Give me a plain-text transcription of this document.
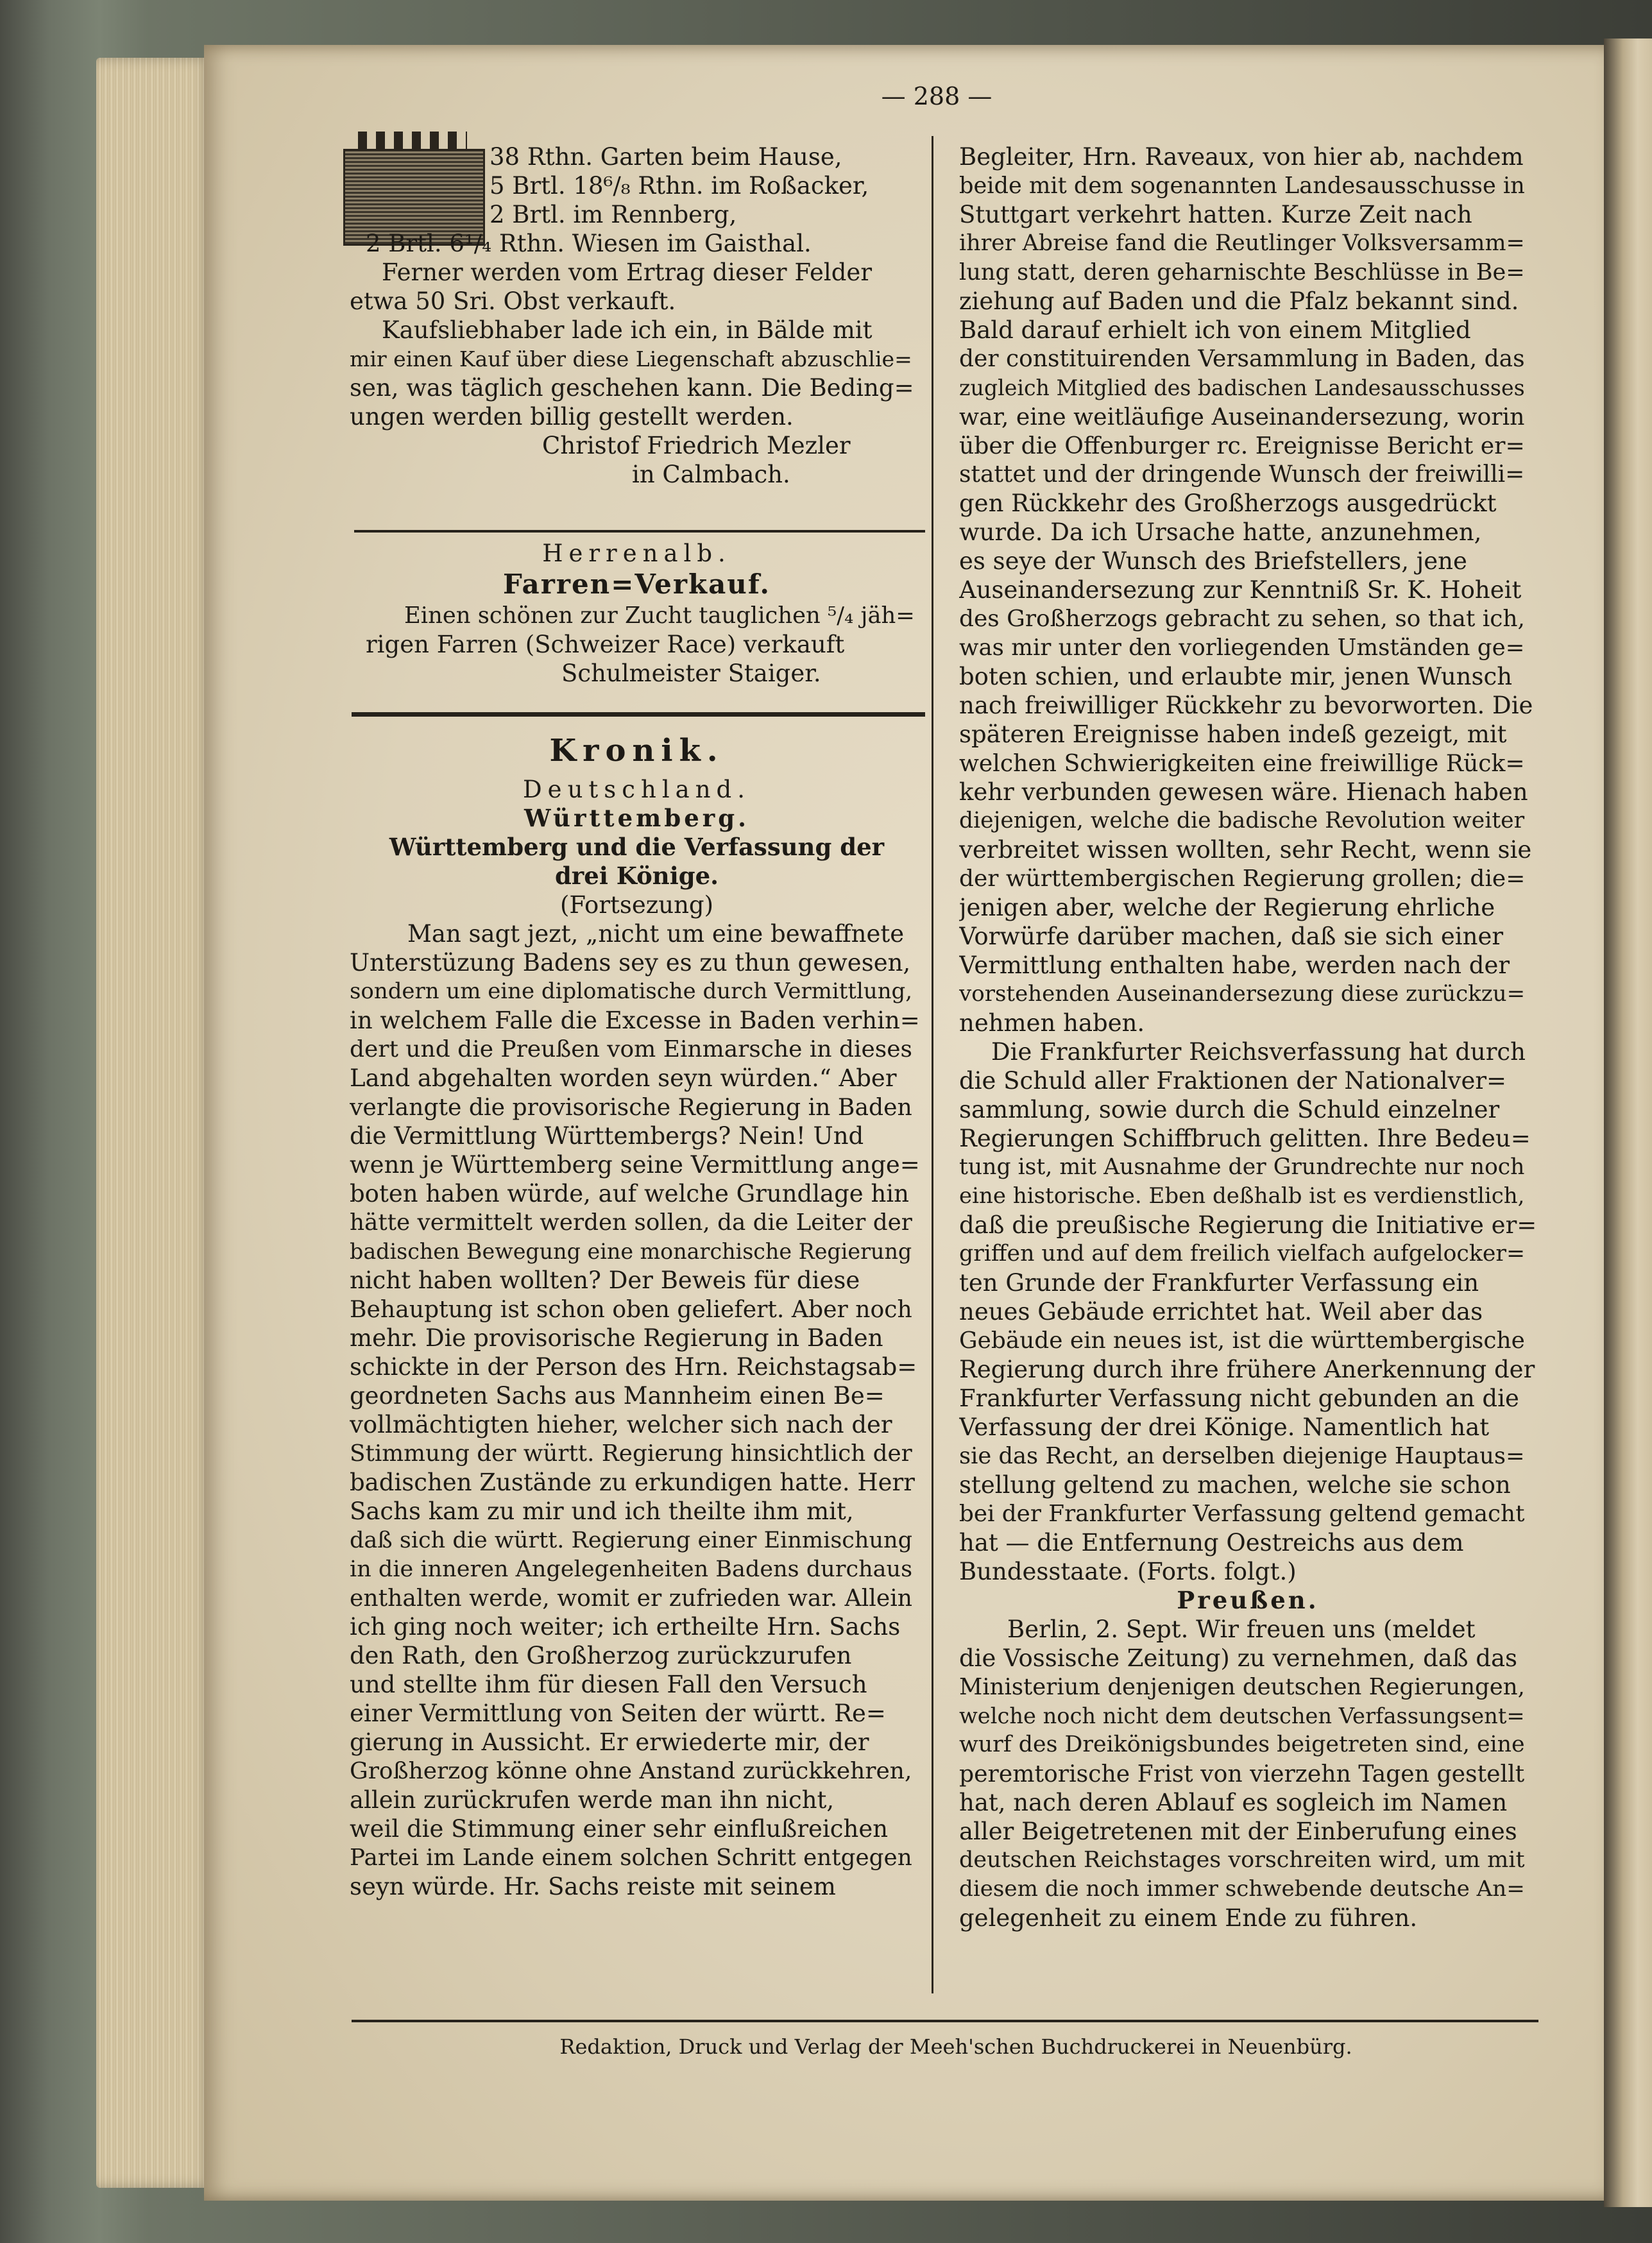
— 288 —
38 Rthn. Garten beim Hause,
5 Brtl. 18⁶/₈ Rthn. im Roßacker,
2 Brtl. im Rennberg,
2 Brtl. 6¹/₄ Rthn. Wiesen im Gaisthal.
Ferner werden vom Ertrag dieser Felder
etwa 50 Sri. Obst verkauft.
Kaufsliebhaber lade ich ein, in Bälde mit
mir einen Kauf über diese Liegenschaft abzuschlie=
sen, was täglich geschehen kann. Die Beding=
ungen werden billig gestellt werden.
Christof Friedrich Mezler
in Calmbach.
Herrenalb.
Farren=Verkauf.
Einen schönen zur Zucht tauglichen ⁵/₄ jäh=
rigen Farren (Schweizer Race) verkauft
Schulmeister Staiger.
Kronik.
Deutschland.
Württemberg.
Württemberg und die Verfassung der
drei Könige.
(Fortsezung)
Man sagt jezt, „nicht um eine bewaffnete
Unterstüzung Badens sey es zu thun gewesen,
sondern um eine diplomatische durch Vermittlung,
in welchem Falle die Excesse in Baden verhin=
dert und die Preußen vom Einmarsche in dieses
Land abgehalten worden seyn würden.“ Aber
verlangte die provisorische Regierung in Baden
die Vermittlung Württembergs? Nein! Und
wenn je Württemberg seine Vermittlung ange=
boten haben würde, auf welche Grundlage hin
hätte vermittelt werden sollen, da die Leiter der
badischen Bewegung eine monarchische Regierung
nicht haben wollten? Der Beweis für diese
Behauptung ist schon oben geliefert. Aber noch
mehr. Die provisorische Regierung in Baden
schickte in der Person des Hrn. Reichstagsab=
geordneten Sachs aus Mannheim einen Be=
vollmächtigten hieher, welcher sich nach der
Stimmung der württ. Regierung hinsichtlich der
badischen Zustände zu erkundigen hatte. Herr
Sachs kam zu mir und ich theilte ihm mit,
daß sich die württ. Regierung einer Einmischung
in die inneren Angelegenheiten Badens durchaus
enthalten werde, womit er zufrieden war. Allein
ich ging noch weiter; ich ertheilte Hrn. Sachs
den Rath, den Großherzog zurückzurufen
und stellte ihm für diesen Fall den Versuch
einer Vermittlung von Seiten der württ. Re=
gierung in Aussicht. Er erwiederte mir, der
Großherzog könne ohne Anstand zurückkehren,
allein zurückrufen werde man ihn nicht,
weil die Stimmung einer sehr einflußreichen
Partei im Lande einem solchen Schritt entgegen
seyn würde. Hr. Sachs reiste mit seinem
Begleiter, Hrn. Raveaux, von hier ab, nachdem
beide mit dem sogenannten Landesausschusse in
Stuttgart verkehrt hatten. Kurze Zeit nach
ihrer Abreise fand die Reutlinger Volksversamm=
lung statt, deren geharnischte Beschlüsse in Be=
ziehung auf Baden und die Pfalz bekannt sind.
Bald darauf erhielt ich von einem Mitglied
der constituirenden Versammlung in Baden, das
zugleich Mitglied des badischen Landesausschusses
war, eine weitläufige Auseinandersezung, worin
über die Offenburger rc. Ereignisse Bericht er=
stattet und der dringende Wunsch der freiwilli=
gen Rückkehr des Großherzogs ausgedrückt
wurde. Da ich Ursache hatte, anzunehmen,
es seye der Wunsch des Briefstellers, jene
Auseinandersezung zur Kenntniß Sr. K. Hoheit
des Großherzogs gebracht zu sehen, so that ich,
was mir unter den vorliegenden Umständen ge=
boten schien, und erlaubte mir, jenen Wunsch
nach freiwilliger Rückkehr zu bevorworten. Die
späteren Ereignisse haben indeß gezeigt, mit
welchen Schwierigkeiten eine freiwillige Rück=
kehr verbunden gewesen wäre. Hienach haben
diejenigen, welche die badische Revolution weiter
verbreitet wissen wollten, sehr Recht, wenn sie
der württembergischen Regierung grollen; die=
jenigen aber, welche der Regierung ehrliche
Vorwürfe darüber machen, daß sie sich einer
Vermittlung enthalten habe, werden nach der
vorstehenden Auseinandersezung diese zurückzu=
nehmen haben.
Die Frankfurter Reichsverfassung hat durch
die Schuld aller Fraktionen der Nationalver=
sammlung, sowie durch die Schuld einzelner
Regierungen Schiffbruch gelitten. Ihre Bedeu=
tung ist, mit Ausnahme der Grundrechte nur noch
eine historische. Eben deßhalb ist es verdienstlich,
daß die preußische Regierung die Initiative er=
griffen und auf dem freilich vielfach aufgelocker=
ten Grunde der Frankfurter Verfassung ein
neues Gebäude errichtet hat. Weil aber das
Gebäude ein neues ist, ist die württembergische
Regierung durch ihre frühere Anerkennung der
Frankfurter Verfassung nicht gebunden an die
Verfassung der drei Könige. Namentlich hat
sie das Recht, an derselben diejenige Hauptaus=
stellung geltend zu machen, welche sie schon
bei der Frankfurter Verfassung geltend gemacht
hat — die Entfernung Oestreichs aus dem
Bundesstaate. (Forts. folgt.)
Preußen.
Berlin, 2. Sept. Wir freuen uns (meldet
die Vossische Zeitung) zu vernehmen, daß das
Ministerium denjenigen deutschen Regierungen,
welche noch nicht dem deutschen Verfassungsent=
wurf des Dreikönigsbundes beigetreten sind, eine
peremtorische Frist von vierzehn Tagen gestellt
hat, nach deren Ablauf es sogleich im Namen
aller Beigetretenen mit der Einberufung eines
deutschen Reichstages vorschreiten wird, um mit
diesem die noch immer schwebende deutsche An=
gelegenheit zu einem Ende zu führen.
Redaktion, Druck und Verlag der Meeh'schen Buchdruckerei in Neuenbürg.
